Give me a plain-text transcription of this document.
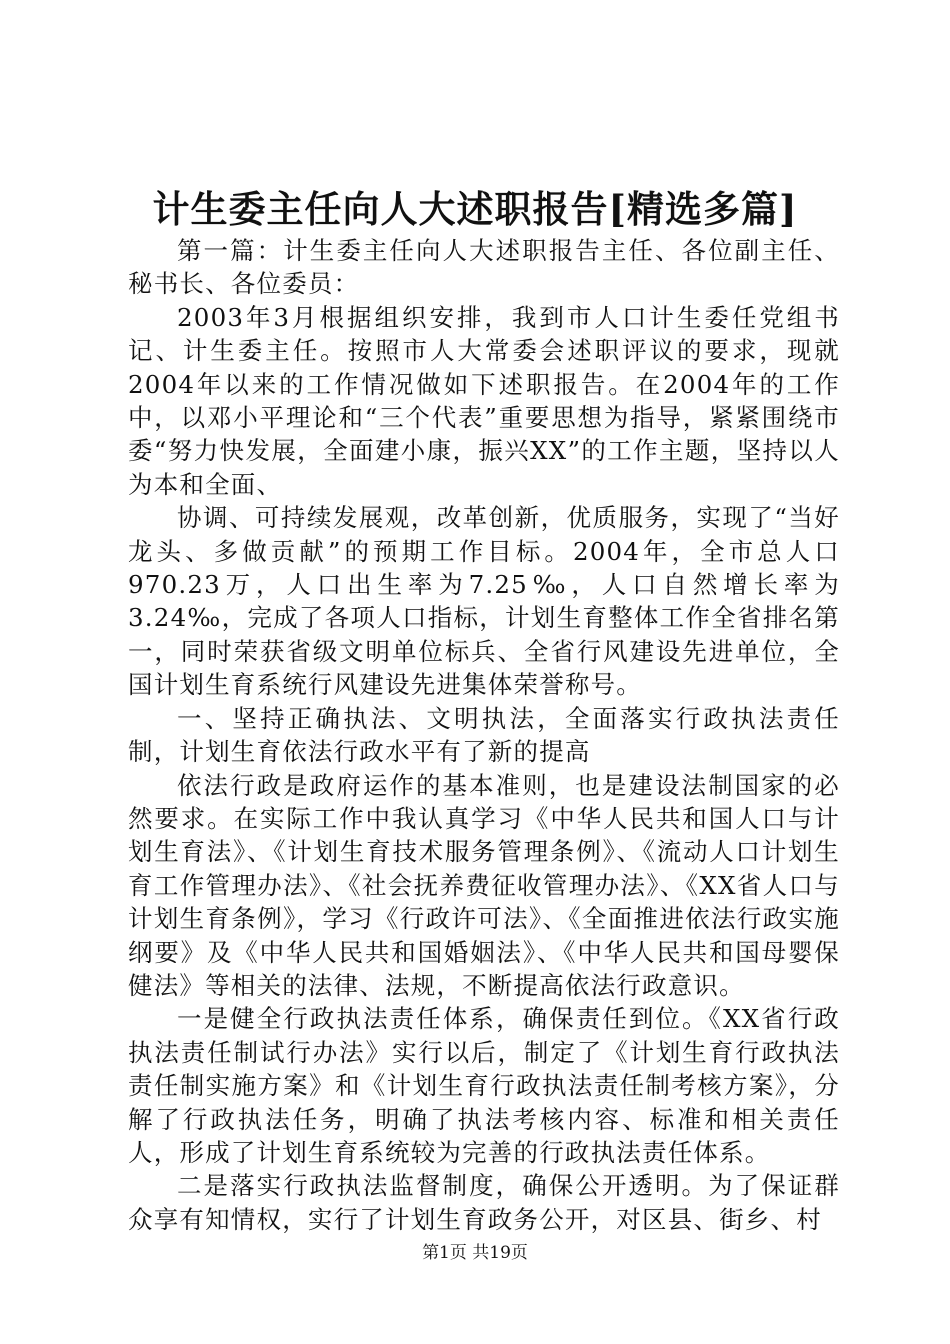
计生委主任向人大述职报告[精选多篇]

第一篇：计生委主任向人大述职报告主任、各位副主任、秘书长、各位委员：

2003年3月根据组织安排，我到市人口计生委任党组书记、计生委主任。按照市人大常委会述职评议的要求，现就2004年以来的工作情况做如下述职报告。在2004年的工作中，以邓小平理论和“三个代表”重要思想为指导，紧紧围绕市委“努力快发展，全面建小康，振兴XX”的工作主题，坚持以人为本和全面、

协调、可持续发展观，改革创新，优质服务，实现了“当好龙头、多做贡献”的预期工作目标。2004年，全市总人口970.23万，人口出生率为7.25‰，人口自然增长率为3.24‰，完成了各项人口指标，计划生育整体工作全省排名第一，同时荣获省级文明单位标兵、全省行风建设先进单位，全国计划生育系统行风建设先进集体荣誉称号。

一、坚持正确执法、文明执法，全面落实行政执法责任制，计划生育依法行政水平有了新的提高

依法行政是政府运作的基本准则，也是建设法制国家的必然要求。在实际工作中我认真学习《中华人民共和国人口与计划生育法》、《计划生育技术服务管理条例》、《流动人口计划生育工作管理办法》、《社会抚养费征收管理办法》、《XX省人口与计划生育条例》，学习《行政许可法》、《全面推进依法行政实施纲要》及《中华人民共和国婚姻法》、《中华人民共和国母婴保健法》等相关的法律、法规，不断提高依法行政意识。

一是健全行政执法责任体系，确保责任到位。《XX省行政执法责任制试行办法》实行以后，制定了《计划生育行政执法责任制实施方案》和《计划生育行政执法责任制考核方案》，分解了行政执法任务，明确了执法考核内容、标准和相关责任人，形成了计划生育系统较为完善的行政执法责任体系。

二是落实行政执法监督制度，确保公开透明。为了保证群众享有知情权，实行了计划生育政务公开，对区县、街乡、村

第1页 共19页
